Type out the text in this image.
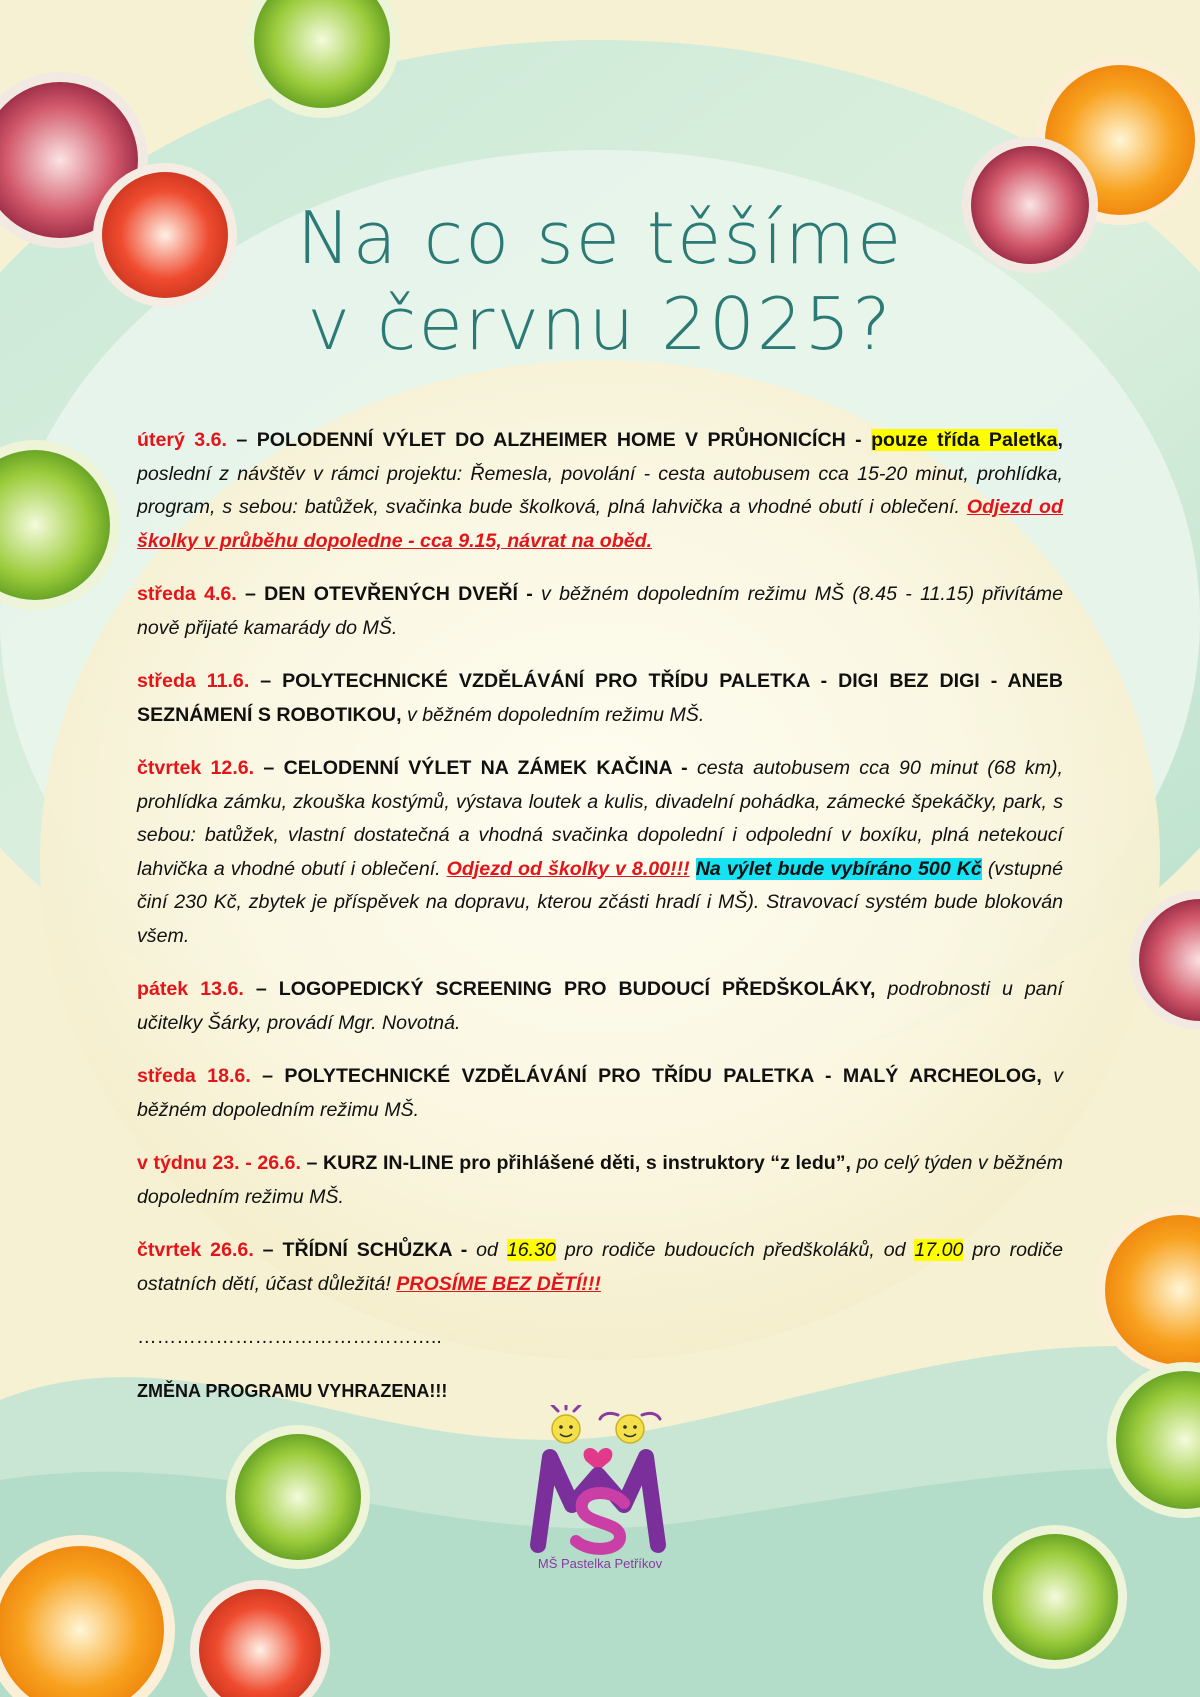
Na co se těšíme
v červnu 2025?

úterý 3.6. – POLODENNÍ VÝLET DO ALZHEIMER HOME V PRŮHONICÍCH - pouze třída Paletka, poslední z návštěv v rámci projektu: Řemesla, povolání - cesta autobusem cca 15-20 minut, prohlídka, program, s sebou: batůžek, svačinka bude školková, plná lahvička a vhodné obutí i oblečení. Odjezd od školky v průběhu dopoledne - cca 9.15, návrat na oběd.

středa 4.6. – DEN OTEVŘENÝCH DVEŘÍ - v běžném dopoledním režimu MŠ (8.45 - 11.15) přivítáme nově přijaté kamarády do MŠ.

středa 11.6. – POLYTECHNICKÉ VZDĚLÁVÁNÍ PRO TŘÍDU PALETKA - DIGI BEZ DIGI - ANEB SEZNÁMENÍ S ROBOTIKOU, v běžném dopoledním režimu MŠ.

čtvrtek 12.6. – CELODENNÍ VÝLET NA ZÁMEK KAČINA - cesta autobusem cca 90 minut (68 km), prohlídka zámku, zkouška kostýmů, výstava loutek a kulis, divadelní pohádka, zámecké špekáčky, park, s sebou: batůžek, vlastní dostatečná a vhodná svačinka dopolední i odpolední v boxíku, plná netekoucí lahvička a vhodné obutí i oblečení. Odjezd od školky v 8.00!!! Na výlet bude vybíráno 500 Kč (vstupné činí 230 Kč, zbytek je příspěvek na dopravu, kterou zčásti hradí i MŠ). Stravovací systém bude blokován všem.

pátek 13.6. – LOGOPEDICKÝ SCREENING PRO BUDOUCÍ PŘEDŠKOLÁKY, podrobnosti u paní učitelky Šárky, provádí Mgr. Novotná.

středa 18.6. – POLYTECHNICKÉ VZDĚLÁVÁNÍ PRO TŘÍDU PALETKA - MALÝ ARCHEOLOG, v běžném dopoledním režimu MŠ.

v týdnu 23. - 26.6. – KURZ IN-LINE pro přihlášené děti, s instruktory “z ledu”, po celý týden v běžném dopoledním režimu MŠ.

čtvrtek 26.6. – TŘÍDNÍ SCHŮZKA - od 16.30 pro rodiče budoucích předškoláků, od 17.00 pro rodiče ostatních dětí, účast důležitá! PROSÍME BEZ DĚTÍ!!!

………………………………………..

ZMĚNA PROGRAMU VYHRAZENA!!!

MŠ Pastelka Petříkov
